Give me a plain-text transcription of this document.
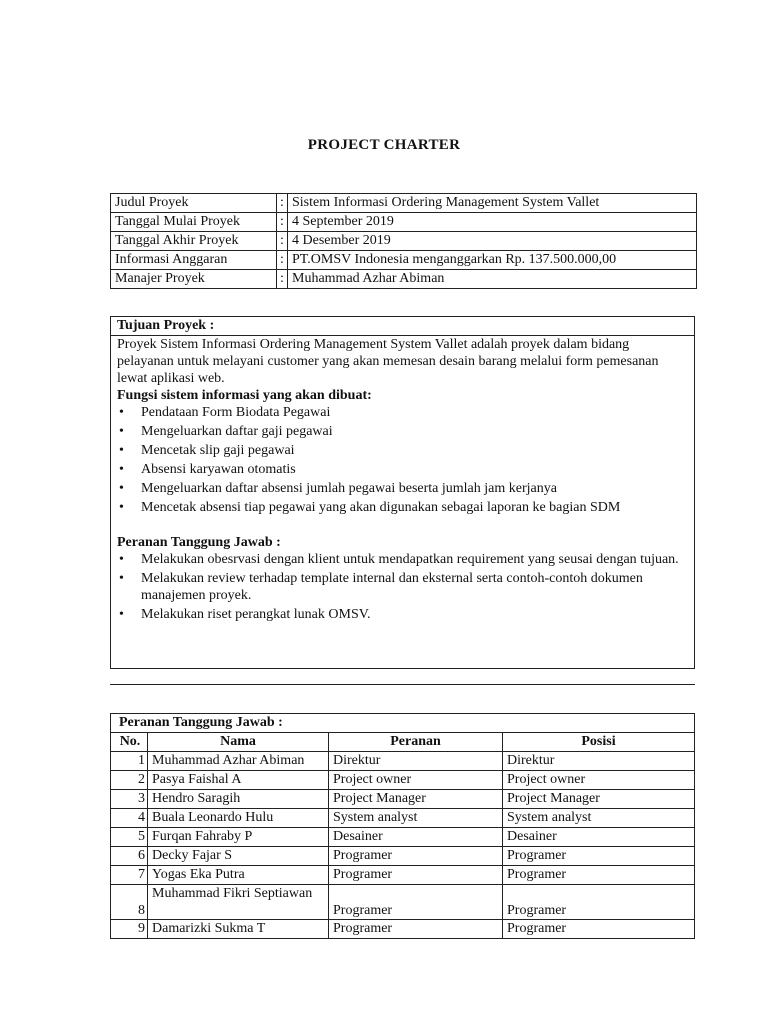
PROJECT CHARTER
Judul Proyek	:	Sistem Informasi Ordering Management System Vallet
Tanggal Mulai Proyek	:	4 September 2019
Tanggal Akhir Proyek	:	4 Desember 2019
Informasi Anggaran	:	PT.OMSV Indonesia menganggarkan Rp. 137.500.000,00
Manajer Proyek	:	Muhammad Azhar Abiman
Tujuan Proyek :
Proyek Sistem Informasi Ordering Management System Vallet adalah proyek dalam bidang pelayanan untuk melayani customer yang akan memesan desain barang melalui form pemesanan lewat aplikasi web.
Fungsi sistem informasi yang akan dibuat:
• Pendataan Form Biodata Pegawai
• Mengeluarkan daftar gaji pegawai
• Mencetak slip gaji pegawai
• Absensi karyawan otomatis
• Mengeluarkan daftar absensi jumlah pegawai beserta jumlah jam kerjanya
• Mencetak absensi tiap pegawai yang akan digunakan sebagai laporan ke bagian SDM
Peranan Tanggung Jawab :
• Melakukan obesrvasi dengan klient untuk mendapatkan requirement yang seusai dengan tujuan.
• Melakukan review terhadap template internal dan eksternal serta contoh-contoh dokumen manajemen proyek.
• Melakukan riset perangkat lunak OMSV.
Peranan Tanggung Jawab :			
No.	Nama	Peranan	Posisi
1	Muhammad Azhar Abiman	Direktur	Direktur
2	Pasya Faishal A	Project owner	Project owner
3	Hendro Saragih	Project Manager	Project Manager
4	Buala Leonardo Hulu	System analyst	System analyst
5	Furqan Fahraby P	Desainer	Desainer
6	Decky Fajar S	Programer	Programer
7	Yogas Eka Putra	Programer	Programer
8	Muhammad Fikri Septiawan	Programer	Programer
9	Damarizki Sukma T	Programer	Programer
